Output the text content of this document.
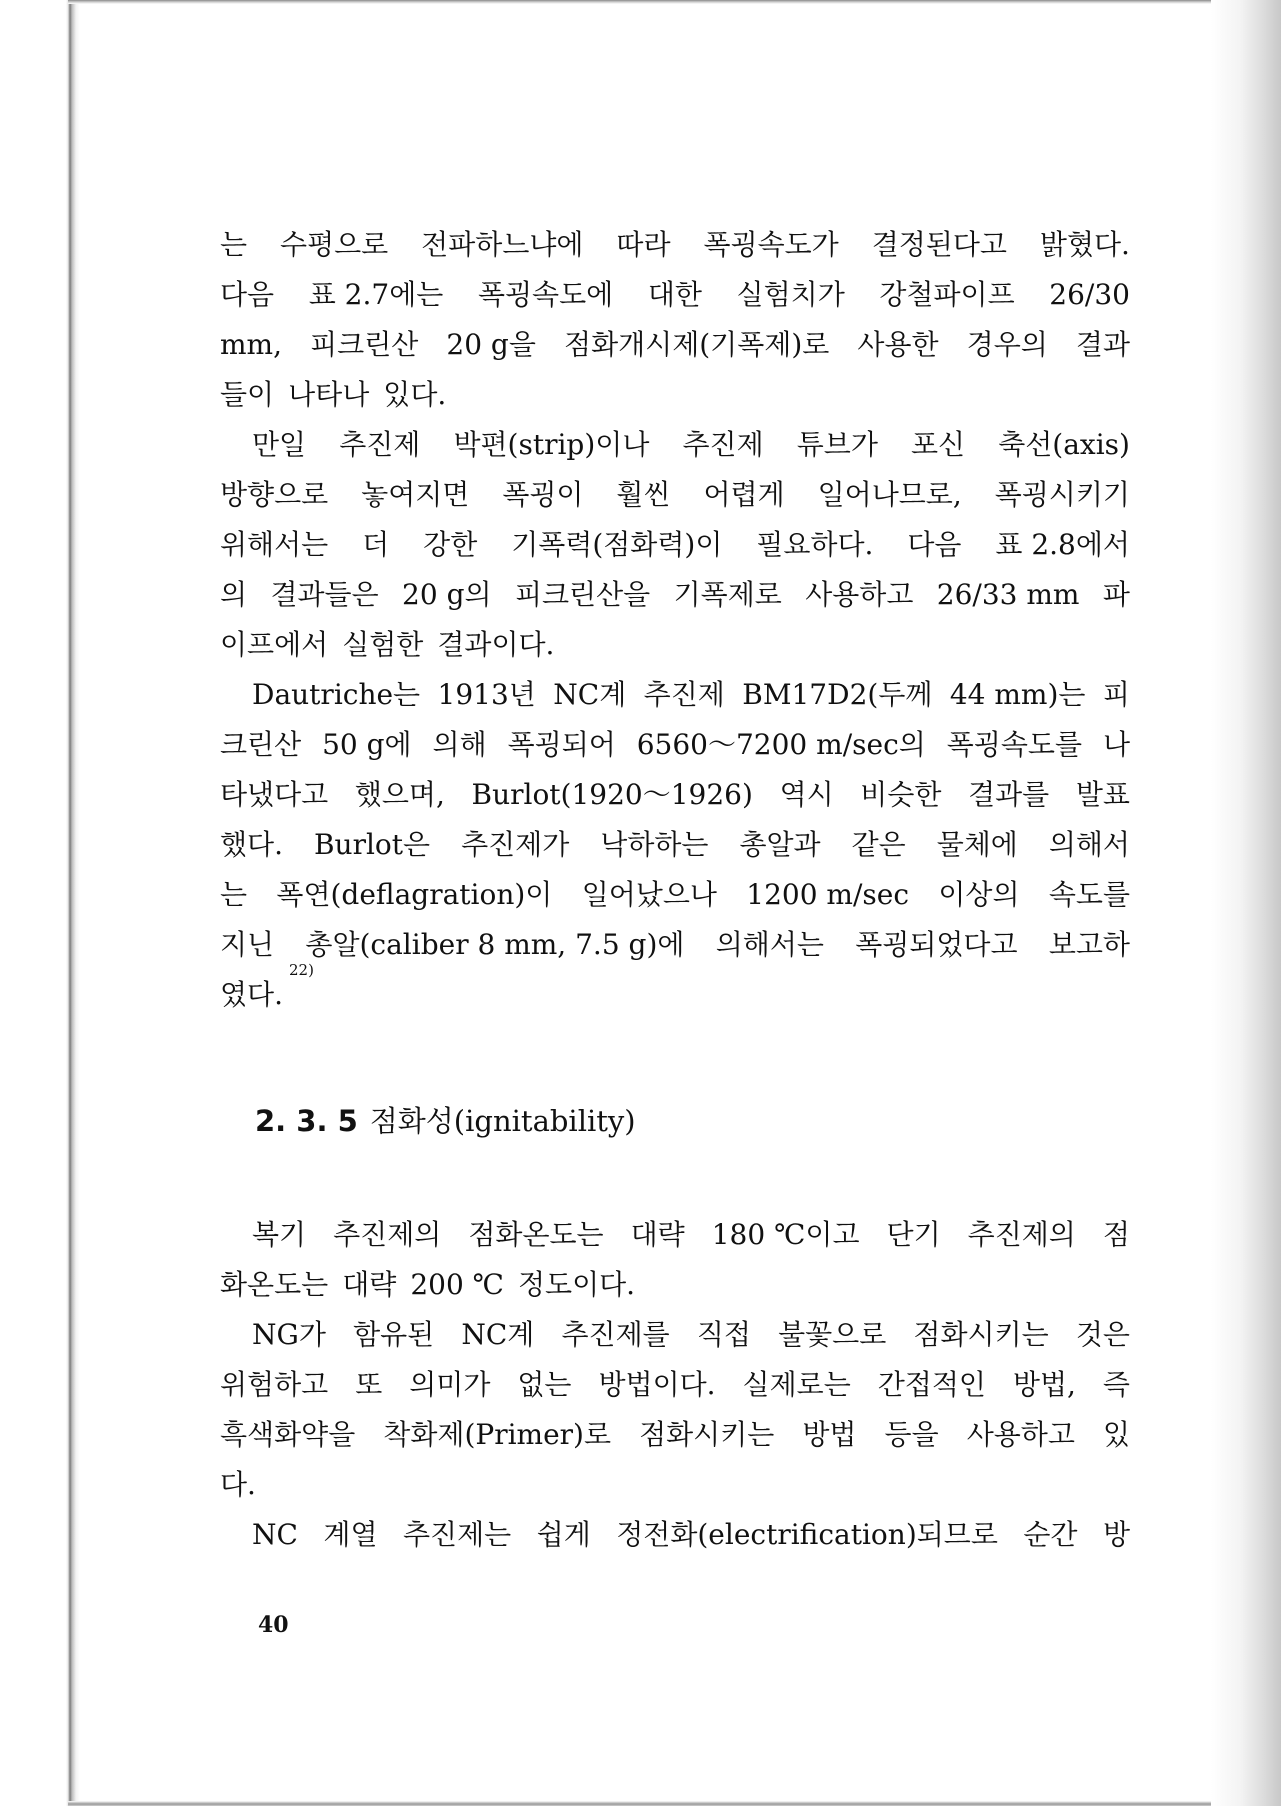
는 수평으로 전파하느냐에 따라 폭굉속도가 결정된다고 밝혔다.
다음 표 2.7에는 폭굉속도에 대한 실험치가 강철파이프 26/30
mm, 피크린산 20 g을 점화개시제(기폭제)로 사용한 경우의 결과
들이 나타나 있다.
만일 추진제 박편(strip)이나 추진제 튜브가 포신 축선(axis)
방향으로 놓여지면 폭굉이 훨씬 어렵게 일어나므로, 폭굉시키기
위해서는 더 강한 기폭력(점화력)이 필요하다. 다음 표 2.8에서
의 결과들은 20 g의 피크린산을 기폭제로 사용하고 26/33 mm 파
이프에서 실험한 결과이다.
Dautriche는 1913년 NC계 추진제 BM17D2(두께 44 mm)는 피
크린산 50 g에 의해 폭굉되어 6560～7200 m/sec의 폭굉속도를 나
타냈다고 했으며, Burlot(1920～1926) 역시 비슷한 결과를 발표
했다. Burlot은 추진제가 낙하하는 총알과 같은 물체에 의해서
는 폭연(deflagration)이 일어났으나 1200 m/sec 이상의 속도를
지닌 총알(caliber 8 mm, 7.5 g)에 의해서는 폭굉되었다고 보고하
였다.
22)
2. 3. 5 점화성(ignitability)
복기 추진제의 점화온도는 대략 180 ℃이고 단기 추진제의 점
화온도는 대략 200 ℃ 정도이다.
NG가 함유된 NC계 추진제를 직접 불꽃으로 점화시키는 것은
위험하고 또 의미가 없는 방법이다. 실제로는 간접적인 방법, 즉
흑색화약을 착화제(Primer)로 점화시키는 방법 등을 사용하고 있
다.
NC 계열 추진제는 쉽게 정전화(electrification)되므로 순간 방
40
